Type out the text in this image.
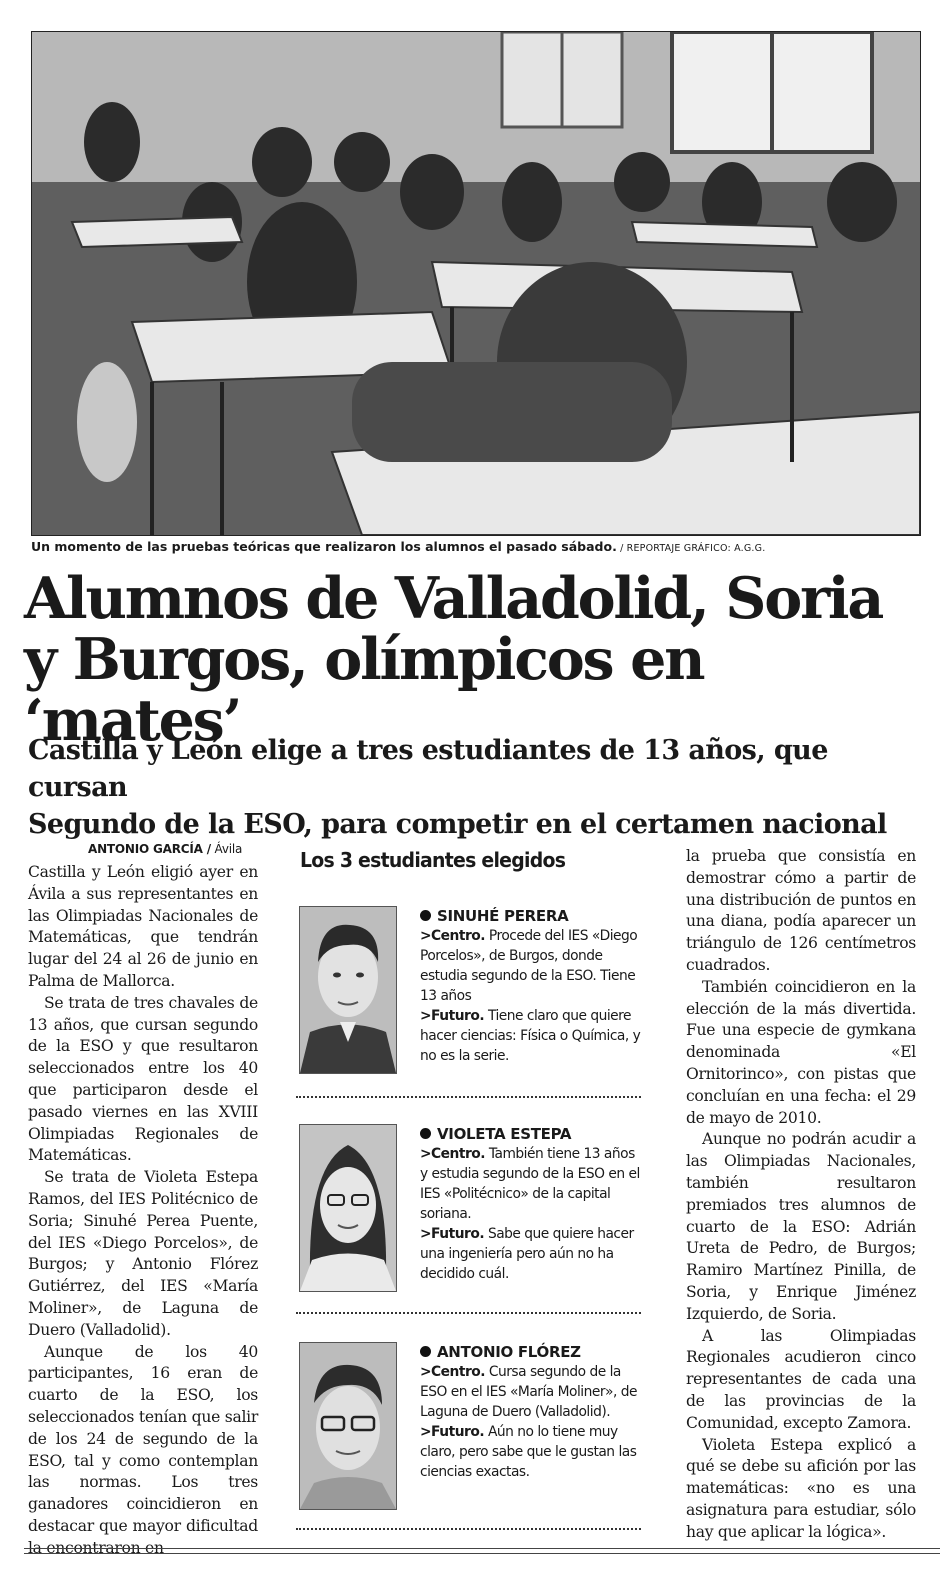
Un momento de las pruebas teóricas que realizaron los alumnos el pasado sábado. / REPORTAJE GRÁFICO: A.G.G.
Alumnos de Valladolid, Soria
y Burgos, olímpicos en ‘mates’
Castilla y León elige a tres estudiantes de 13 años, que cursan
Segundo de la ESO, para competir en el certamen nacional
ANTONIO GARCÍA / Ávila

Castilla y León eligió ayer en Ávila a sus representantes en las Olimpiadas Nacionales de Matemáticas, que tendrán lugar del 24 al 26 de junio en Palma de Mallorca.

Se trata de tres chavales de 13 años, que cursan segundo de la ESO y que resultaron seleccionados entre los 40 que participaron desde el pasado viernes en las XVIII Olimpiadas Regionales de Matemáticas.

Se trata de Violeta Estepa Ramos, del IES Politécnico de Soria; Sinuhé Perea Puente, del IES «Diego Porcelos», de Burgos; y Antonio Flórez Gutiérrez, del IES «María Moliner», de Laguna de Duero (Valladolid).

Aunque de los 40 participantes, 16 eran de cuarto de la ESO, los seleccionados tenían que salir de los 24 de segundo de la ESO, tal y como contemplan las normas. Los tres ganadores coincidieron en destacar que mayor dificultad la encontraron en

Los 3 estudiantes elegidos
SINUHÉ PERERA

>Centro. Procede del IES «Diego Porcelos», de Burgos, donde estudia segundo de la ESO. Tiene 13 años

>Futuro. Tiene claro que quiere hacer ciencias: Física o Química, y no es la serie.

VIOLETA ESTEPA

>Centro. También tiene 13 años y estudia segundo de la ESO en el IES «Politécnico» de la capital soriana.

>Futuro. Sabe que quiere hacer una ingeniería pero aún no ha decidido cuál.

ANTONIO FLÓREZ

>Centro. Cursa segundo de la ESO en el IES «María Moliner», de Laguna de Duero (Valladolid).

>Futuro. Aún no lo tiene muy claro, pero sabe que le gustan las ciencias exactas.

la prueba que consistía en demostrar cómo a partir de una distribución de puntos en una diana, podía aparecer un triángulo de 126 centímetros cuadrados.

También coincidieron en la elección de la más divertida. Fue una especie de gymkana denominada «El Ornitorinco», con pistas que concluían en una fecha: el 29 de mayo de 2010.

Aunque no podrán acudir a las Olimpiadas Nacionales, también resultaron premiados tres alumnos de cuarto de la ESO: Adrián Ureta de Pedro, de Burgos; Ramiro Martínez Pinilla, de Soria, y Enrique Jiménez Izquierdo, de Soria.

A las Olimpiadas Regionales acudieron cinco representantes de cada una de las provincias de la Comunidad, excepto Zamora.

Violeta Estepa explicó a qué se debe su afición por las matemáticas: «no es una asignatura para estudiar, sólo hay que aplicar la lógica».
